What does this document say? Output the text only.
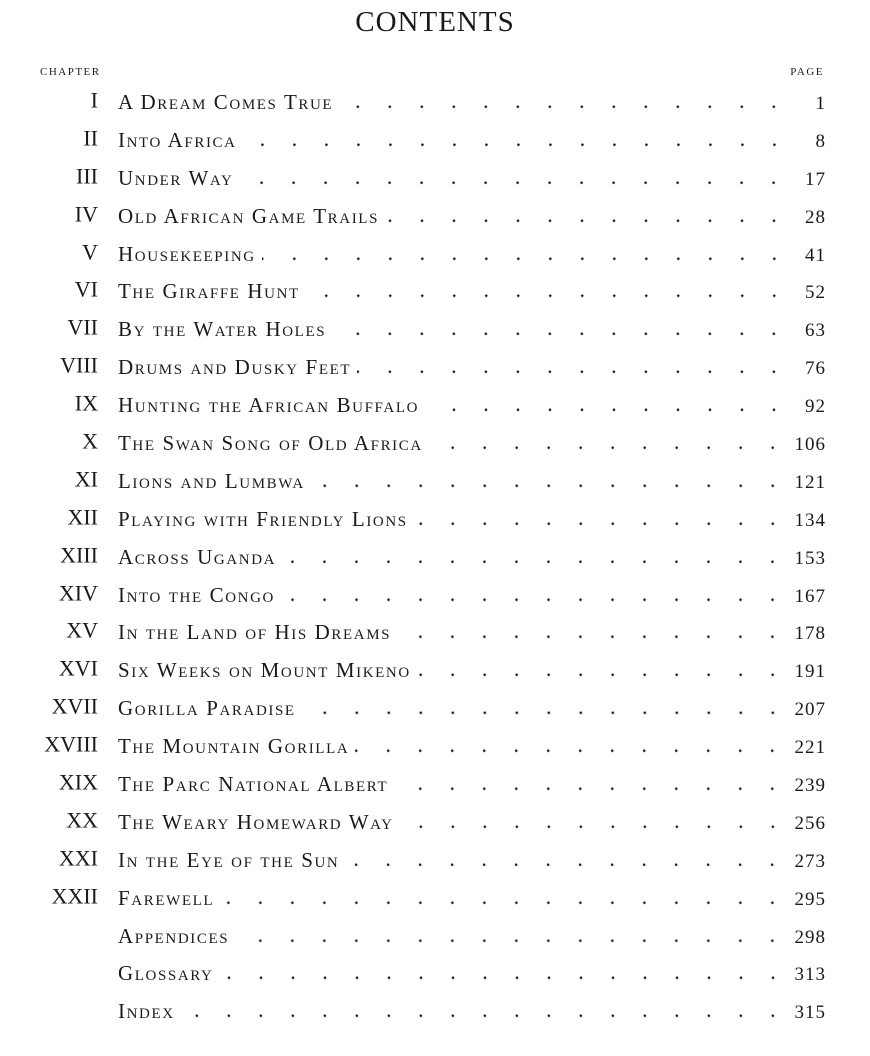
CONTENTS
CHAPTER	PAGE
I A Dream Comes True	1
II Into Africa	8
III Under Way	17
IV Old African Game Trails	28
V Housekeeping	41
VI The Giraffe Hunt	52
VII By the Water Holes	63
VIII Drums and Dusky Feet	76
IX Hunting the African Buffalo	92
X The Swan Song of Old Africa	106
XI Lions and Lumbwa	121
XII Playing with Friendly Lions	134
XIII Across Uganda	153
XIV Into the Congo	167
XV In the Land of His Dreams	178
XVI Six Weeks on Mount Mikeno	191
XVII Gorilla Paradise	207
XVIII The Mountain Gorilla	221
XIX The Parc National Albert	239
XX The Weary Homeward Way	256
XXI In the Eye of the Sun	273
XXII Farewell	295
Appendices	298
Glossary	313
Index	315
